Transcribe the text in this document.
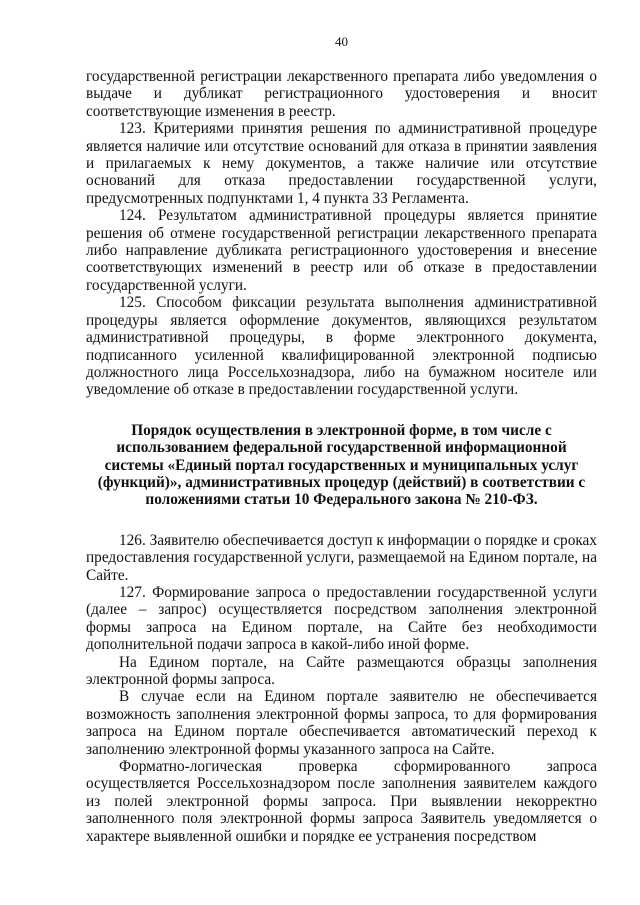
40

государственной регистрации лекарственного препарата либо уведомления о выдаче и дубликат регистрационного удостоверения и вносит соответствующие изменения в реестр.

123. Критериями принятия решения по административной процедуре является наличие или отсутствие оснований для отказа в принятии заявления и прилагаемых к нему документов, а также наличие или отсутствие оснований для отказа предоставлении государственной услуги, предусмотренных подпунктами 1, 4 пункта 33 Регламента.

124. Результатом административной процедуры является принятие решения об отмене государственной регистрации лекарственного препарата либо направление дубликата регистрационного удостоверения и внесение соответствующих изменений в реестр или об отказе в предоставлении государственной услуги.

125. Способом фиксации результата выполнения административной процедуры является оформление документов, являющихся результатом административной процедуры, в форме электронного документа, подписанного усиленной квалифицированной электронной подписью должностного лица Россельхознадзора, либо на бумажном носителе или уведомление об отказе в предоставлении государственной услуги.

Порядок осуществления в электронной форме, в том числе с использованием федеральной государственной информационной системы «Единый портал государственных и муниципальных услуг (функций)», административных процедур (действий) в соответствии с положениями статьи 10 Федерального закона № 210-ФЗ.

126. Заявителю обеспечивается доступ к информации о порядке и сроках предоставления государственной услуги, размещаемой на Едином портале, на Сайте.

127. Формирование запроса о предоставлении государственной услуги (далее – запрос) осуществляется посредством заполнения электронной формы запроса на Едином портале, на Сайте без необходимости дополнительной подачи запроса в какой-либо иной форме.

На Едином портале, на Сайте размещаются образцы заполнения электронной формы запроса.

В случае если на Едином портале заявителю не обеспечивается возможность заполнения электронной формы запроса, то для формирования запроса на Едином портале обеспечивается автоматический переход к заполнению электронной формы указанного запроса на Сайте.

Форматно-логическая проверка сформированного запроса осуществляется Россельхознадзором после заполнения заявителем каждого из полей электронной формы запроса. При выявлении некорректно заполненного поля электронной формы запроса Заявитель уведомляется о характере выявленной ошибки и порядке ее устранения посредством
